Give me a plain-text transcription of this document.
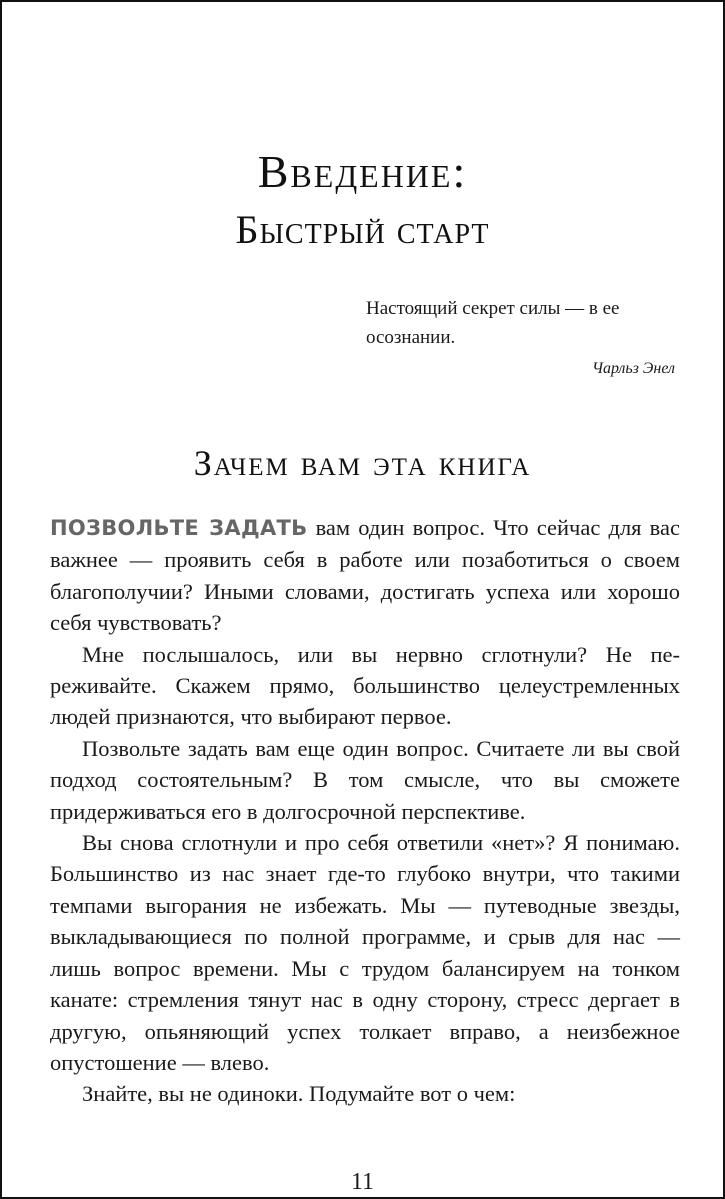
Введение:
Быстрый старт
Настоящий секрет силы — в ее осознании.
Чарльз Энел
Зачем вам эта книга

ПОЗВОЛЬТЕ ЗАДАТЬ вам один вопрос. Что сейчас для вас важнее — проявить себя в работе или позаботиться о своем благополучии? Иными словами, достигать успеха или хорошо себя чувствовать?

Мне послышалось, или вы нервно сглотнули? Не переживайте. Скажем прямо, большинство целеустремленных людей признаются, что выбирают первое.

Позвольте задать вам еще один вопрос. Считаете ли вы свой подход состоятельным? В том смысле, что вы сможете придерживаться его в долгосрочной перспективе.

Вы снова сглотнули и про себя ответили «нет»? Я понимаю. Большинство из нас знает где-то глубоко внутри, что такими темпами выгорания не избежать. Мы — путеводные звезды, выкладывающиеся по полной программе, и срыв для нас — лишь вопрос времени. Мы с трудом балансируем на тонком канате: стремления тянут нас в одну сторону, стресс дергает в другую, опьяняющий успех толкает вправо, а неизбежное опустошение — влево.

Знайте, вы не одиноки. Подумайте вот о чем:

11
